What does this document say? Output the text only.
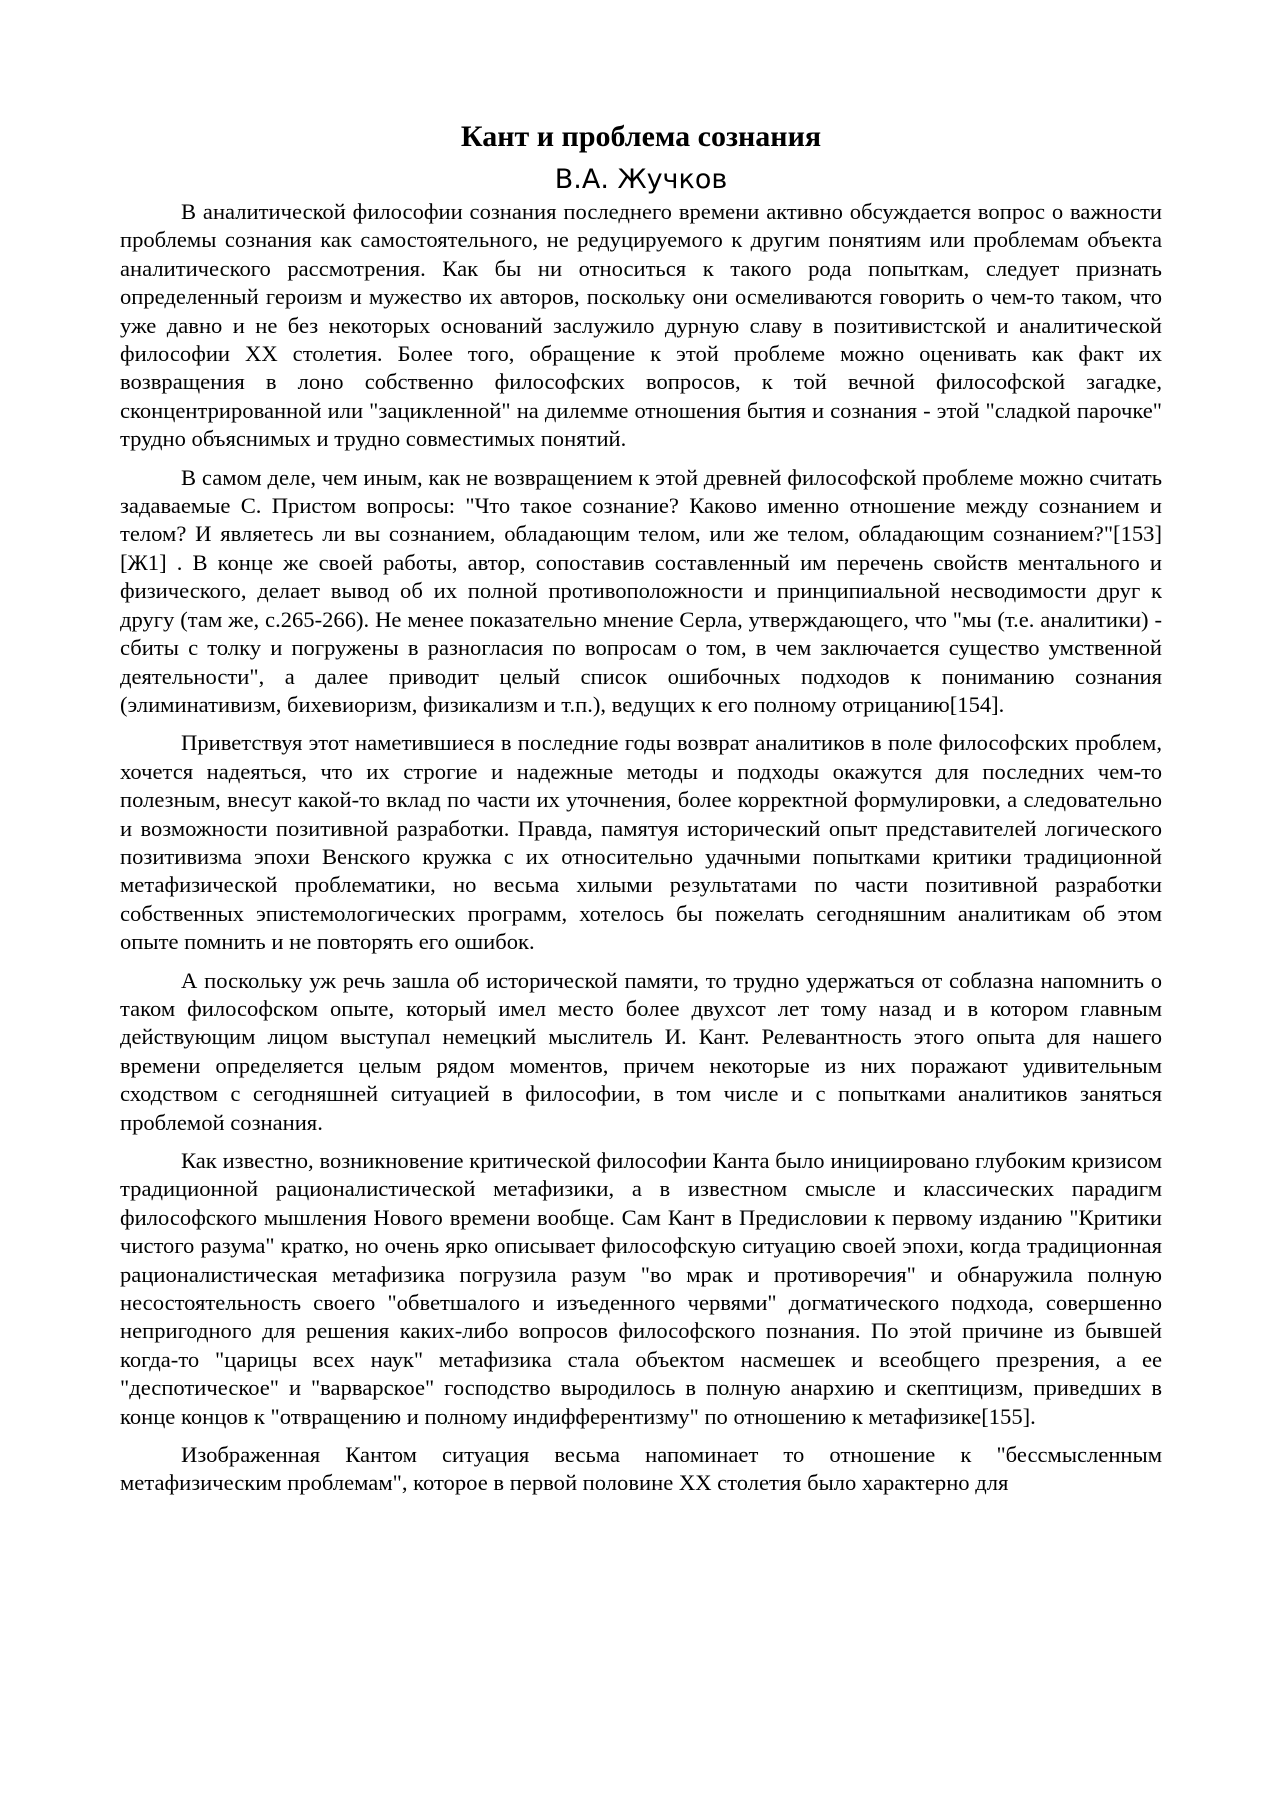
Кант и проблема сознания
В.А. Жучков

В аналитической философии сознания последнего времени активно обсуждается вопрос о важности проблемы сознания как самостоятельного, не редуцируемого к другим понятиям или проблемам объекта аналитического рассмотрения. Как бы ни относиться к такого рода попыткам, следует признать определенный героизм и мужество их авторов, поскольку они осмеливаются говорить о чем-то таком, что уже давно и не без некоторых оснований заслужило дурную славу в позитивистской и аналитической философии XX столетия. Более того, обращение к этой проблеме можно оценивать как факт их возвращения в лоно собственно философских вопросов, к той вечной философской загадке, сконцентрированной или "зацикленной" на дилемме отношения бытия и сознания - этой "сладкой парочке" трудно объяснимых и трудно совместимых понятий.

В самом деле, чем иным, как не возвращением к этой древней философской проблеме можно считать задаваемые С. Пристом вопросы: "Что такое сознание? Каково именно отношение между сознанием и телом? И являетесь ли вы сознанием, обладающим телом, или же телом, обладающим сознанием?"[153][Ж1] . В конце же своей работы, автор, сопоставив составленный им перечень свойств ментального и физического, делает вывод об их полной противоположности и принципиальной несводимости друг к другу (там же, с.265-266). Не менее показательно мнение Серла, утверждающего, что "мы (т.е. аналитики) - сбиты с толку и погружены в разногласия по вопросам о том, в чем заключается существо умственной деятельности", а далее приводит целый список ошибочных подходов к пониманию сознания (элиминативизм, бихевиоризм, физикализм и т.п.), ведущих к его полному отрицанию[154].

Приветствуя этот наметившиеся в последние годы возврат аналитиков в поле философских проблем, хочется надеяться, что их строгие и надежные методы и подходы окажутся для последних чем-то полезным, внесут какой-то вклад по части их уточнения, более корректной формулировки, а следовательно и возможности позитивной разработки. Правда, памятуя исторический опыт представителей логического позитивизма эпохи Венского кружка с их относительно удачными попытками критики традиционной метафизической проблематики, но весьма хилыми результатами по части позитивной разработки собственных эпистемологических программ, хотелось бы пожелать сегодняшним аналитикам об этом опыте помнить и не повторять его ошибок.

А поскольку уж речь зашла об исторической памяти, то трудно удержаться от соблазна напомнить о таком философском опыте, который имел место более двухсот лет тому назад и в котором главным действующим лицом выступал немецкий мыслитель И. Кант. Релевантность этого опыта для нашего времени определяется целым рядом моментов, причем некоторые из них поражают удивительным сходством с сегодняшней ситуацией в философии, в том числе и с попытками аналитиков заняться проблемой сознания.

Как известно, возникновение критической философии Канта было инициировано глубоким кризисом традиционной рационалистической метафизики, а в известном смысле и классических парадигм философского мышления Нового времени вообще. Сам Кант в Предисловии к первому изданию "Критики чистого разума" кратко, но очень ярко описывает философскую ситуацию своей эпохи, когда традиционная рационалистическая метафизика погрузила разум "во мрак и противоречия" и обнаружила полную несостоятельность своего "обветшалого и изъеденного червями" догматического подхода, совершенно непригодного для решения каких-либо вопросов философского познания. По этой причине из бывшей когда-то "царицы всех наук" метафизика стала объектом насмешек и всеобщего презрения, а ее "деспотическое" и "варварское" господство выродилось в полную анархию и скептицизм, приведших в конце концов к "отвращению и полному индифферентизму" по отношению к метафизике[155].

Изображенная Кантом ситуация весьма напоминает то отношение к "бессмысленным метафизическим проблемам", которое в первой половине XX столетия было характерно для
